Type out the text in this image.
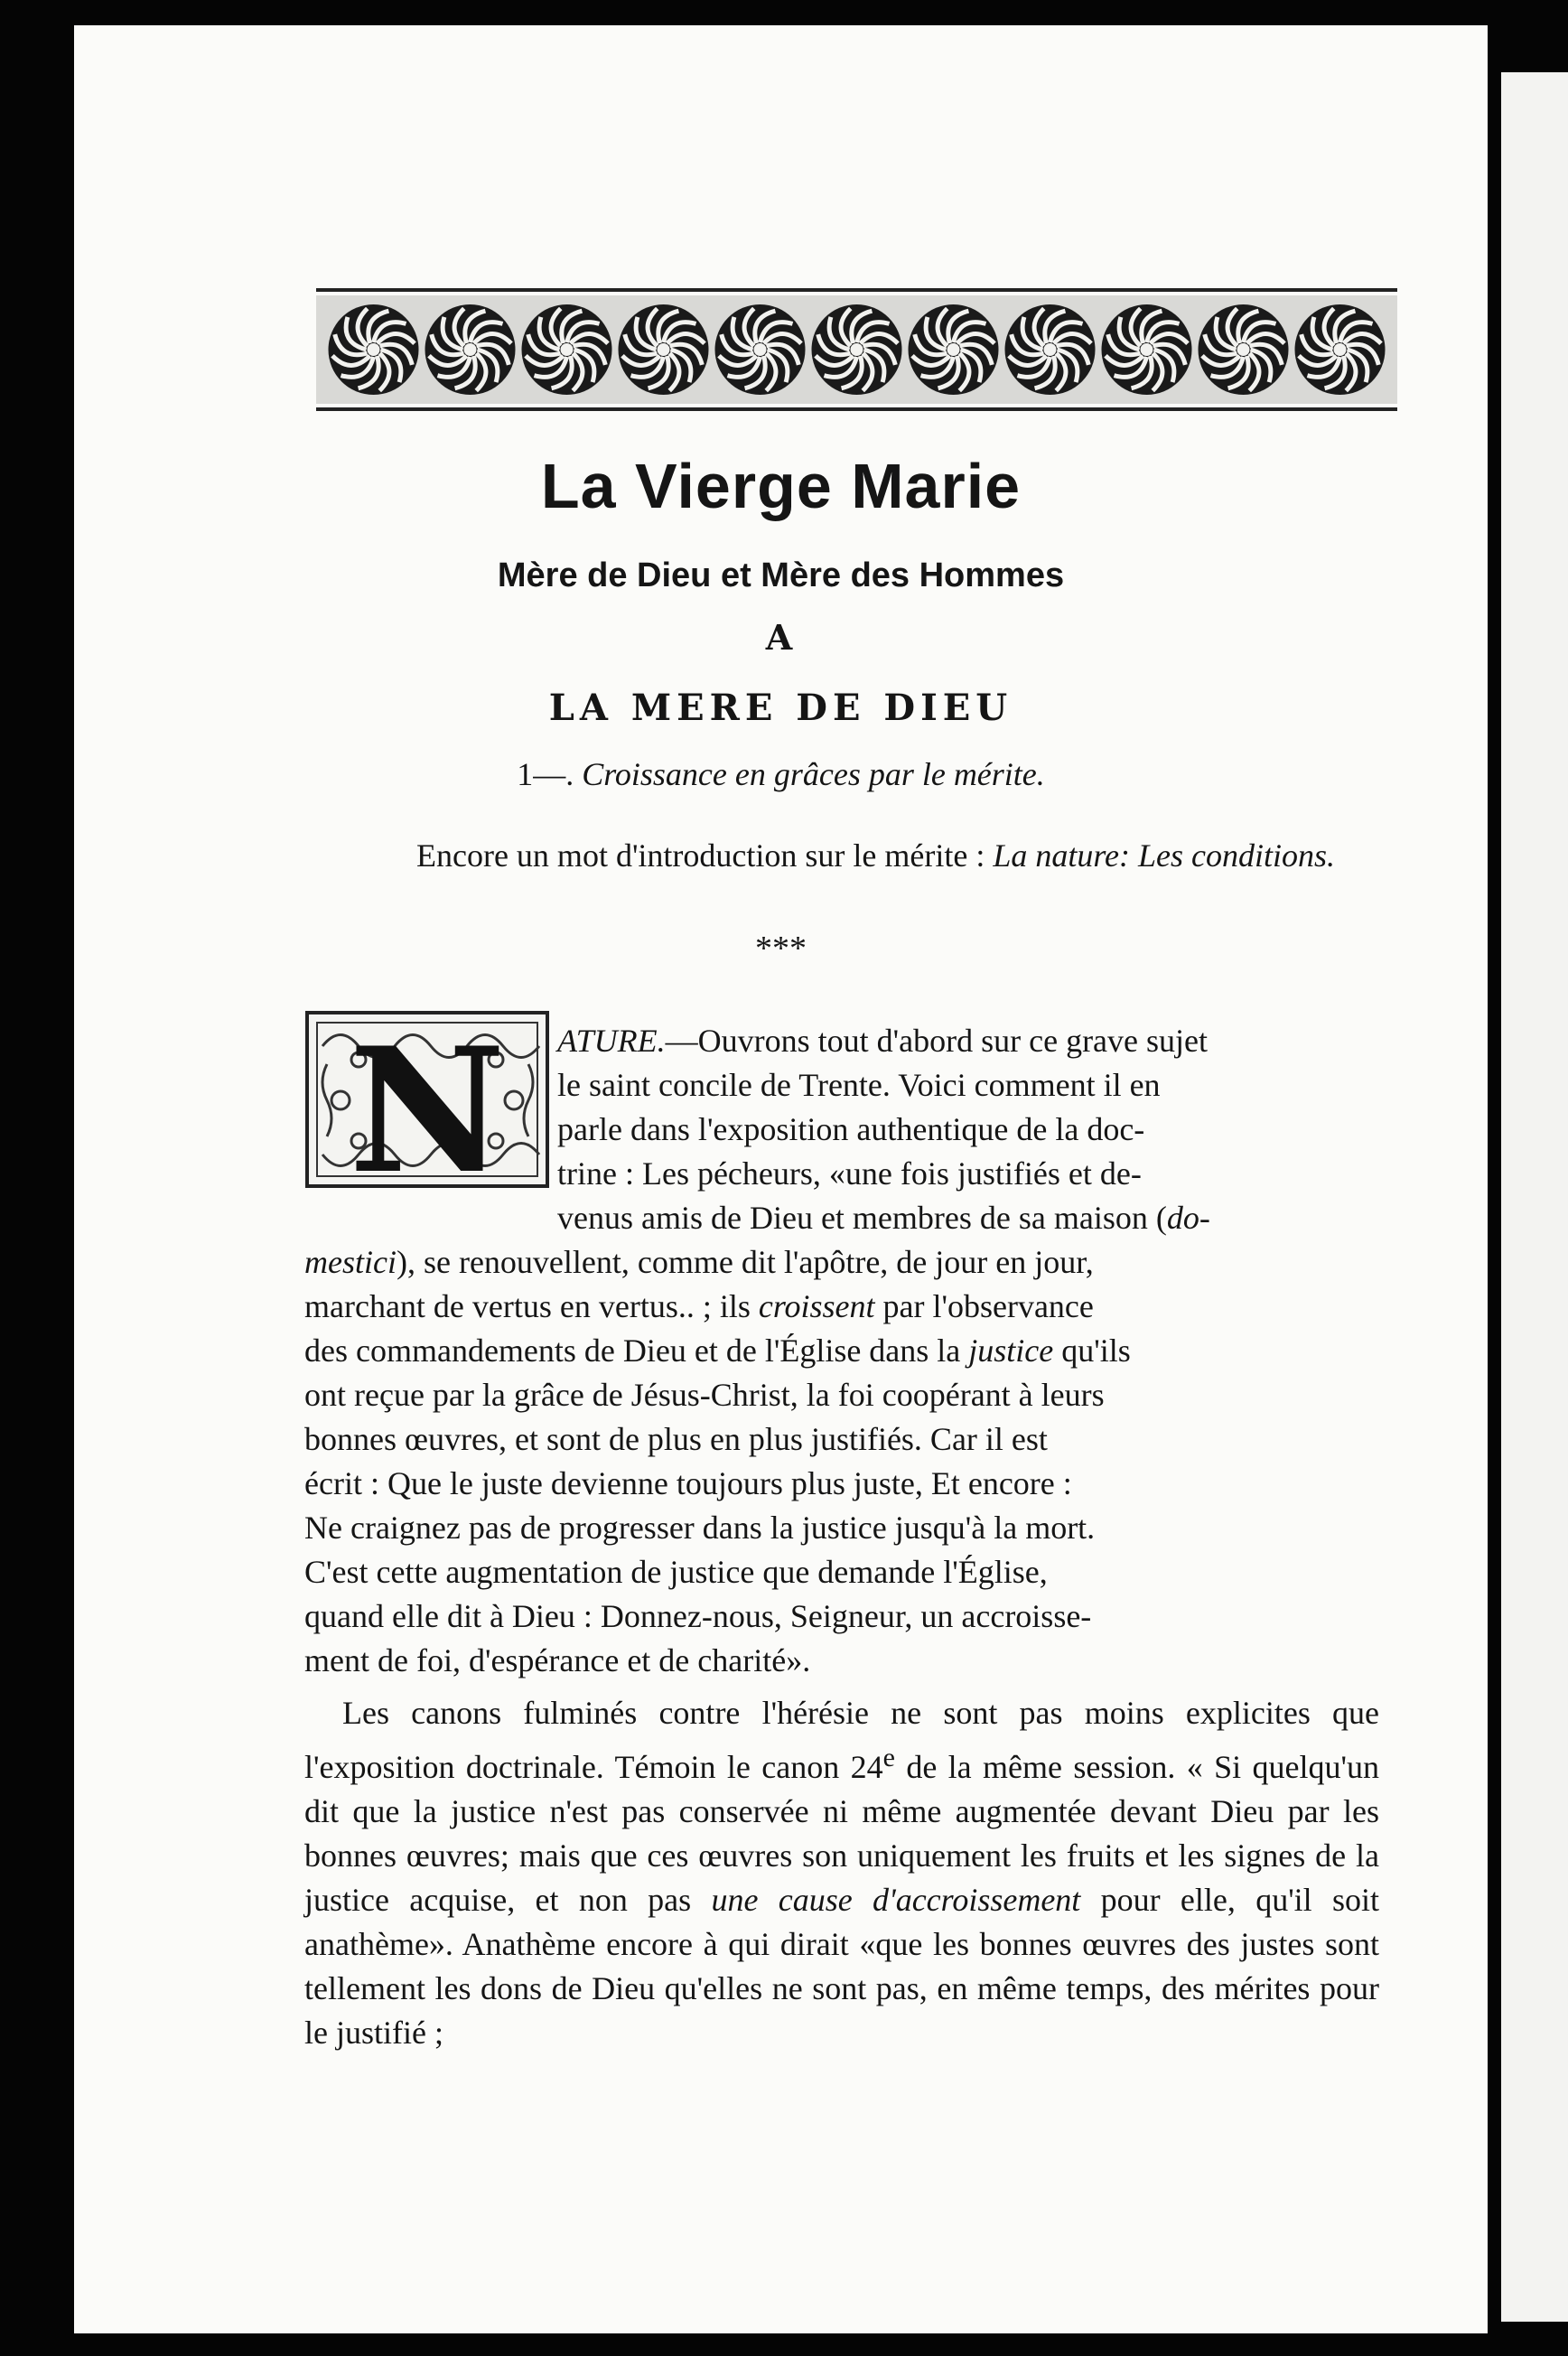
La Vierge Marie
Mère de Dieu et Mère des Hommes
A
LA MERE DE DIEU
1—. Croissance en grâces par le mérite.
Encore un mot d'introduction sur le mérite : La nature: Les conditions.
***
N	ATURE.—Ouvrons tout d'abord sur ce grave sujet
le saint concile de Trente. Voici comment il en
parle dans l'exposition authentique de la doc-
trine : Les pécheurs, «une fois justifiés et de-
venus amis de Dieu et membres de sa maison (do-
mestici), se renouvellent, comme dit l'apôtre, de jour en jour,
marchant de vertus en vertus.. ; ils croissent par l'observance
des commandements de Dieu et de l'Église dans la justice qu'ils
ont reçue par la grâce de Jésus-Christ, la foi coopérant à leurs
bonnes œuvres, et sont de plus en plus justifiés. Car il est
écrit : Que le juste devienne toujours plus juste, Et encore :
Ne craignez pas de progresser dans la justice jusqu'à la mort.
C'est cette augmentation de justice que demande l'Église,
quand elle dit à Dieu : Donnez-nous, Seigneur, un accroisse-
ment de foi, d'espérance et de charité».
Les canons fulminés contre l'hérésie ne sont pas moins explicites que l'exposition doctrinale. Témoin le canon 24e de la même session. « Si quelqu'un dit que la justice n'est pas conservée ni même augmentée devant Dieu par les bonnes œuvres; mais que ces œuvres son uniquement les fruits et les signes de la justice acquise, et non pas une cause d'accroissement pour elle, qu'il soit anathème». Anathème encore à qui dirait «que les bonnes œuvres des justes sont tellement les dons de Dieu qu'elles ne sont pas, en même temps, des mérites pour le justifié ;
